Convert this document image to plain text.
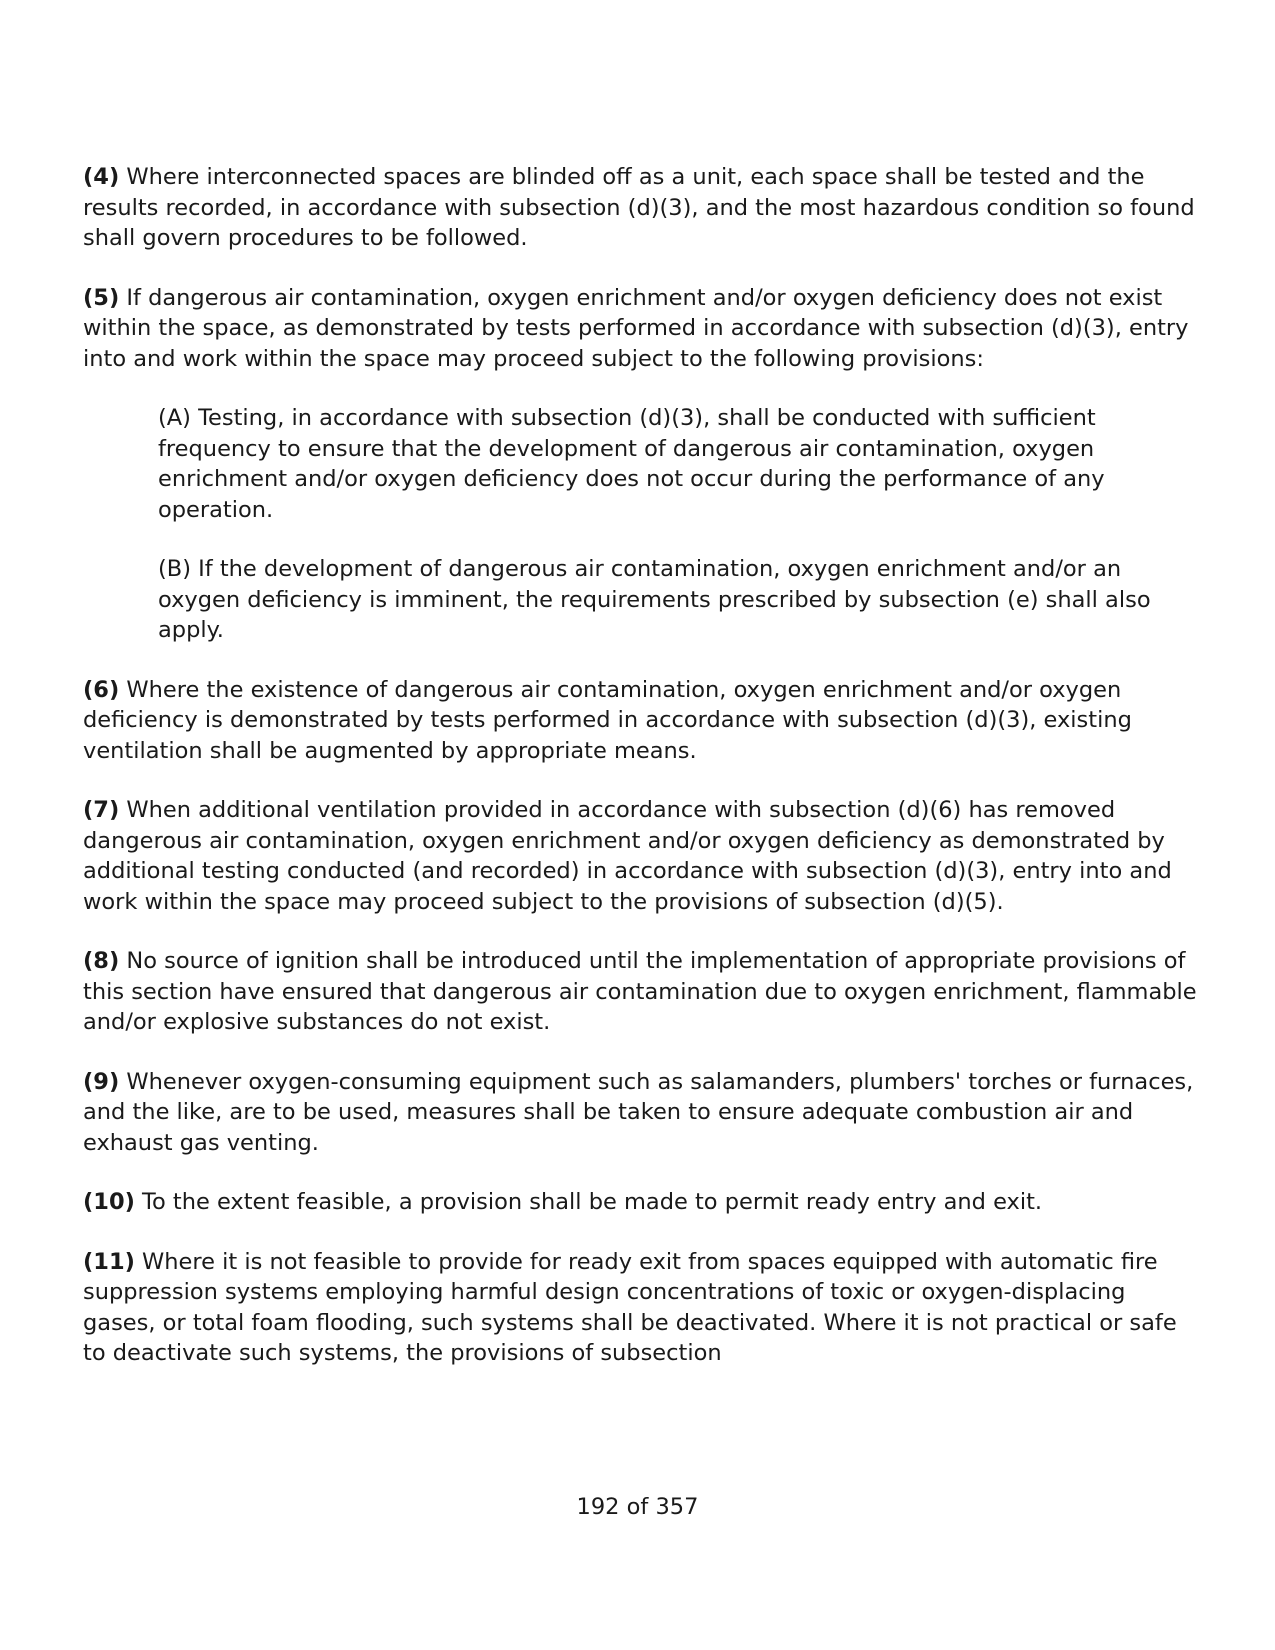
(4) Where interconnected spaces are blinded off as a unit, each space shall be tested and the results recorded, in accordance with subsection (d)(3), and the most hazardous condition so found shall govern procedures to be followed.

(5) If dangerous air contamination, oxygen enrichment and/or oxygen deficiency does not exist within the space, as demonstrated by tests performed in accordance with subsection (d)(3), entry into and work within the space may proceed subject to the following provisions:

(A) Testing, in accordance with subsection (d)(3), shall be conducted with sufficient frequency to ensure that the development of dangerous air contamination, oxygen enrichment and/or oxygen deficiency does not occur during the performance of any operation.

(B) If the development of dangerous air contamination, oxygen enrichment and/or an oxygen deficiency is imminent, the requirements prescribed by subsection (e) shall also apply.

(6) Where the existence of dangerous air contamination, oxygen enrichment and/or oxygen deficiency is demonstrated by tests performed in accordance with subsection (d)(3), existing ventilation shall be augmented by appropriate means.

(7) When additional ventilation provided in accordance with subsection (d)(6) has removed dangerous air contamination, oxygen enrichment and/or oxygen deficiency as demonstrated by additional testing conducted (and recorded) in accordance with subsection (d)(3), entry into and work within the space may proceed subject to the provisions of subsection (d)(5).

(8) No source of ignition shall be introduced until the implementation of appropriate provisions of this section have ensured that dangerous air contamination due to oxygen enrichment, flammable and/or explosive substances do not exist.

(9) Whenever oxygen-consuming equipment such as salamanders, plumbers' torches or furnaces, and the like, are to be used, measures shall be taken to ensure adequate combustion air and exhaust gas venting.

(10) To the extent feasible, a provision shall be made to permit ready entry and exit.

(11) Where it is not feasible to provide for ready exit from spaces equipped with automatic fire suppression systems employing harmful design concentrations of toxic or oxygen-displacing gases, or total foam flooding, such systems shall be deactivated. Where it is not practical or safe to deactivate such systems, the provisions of subsection

192 of 357
